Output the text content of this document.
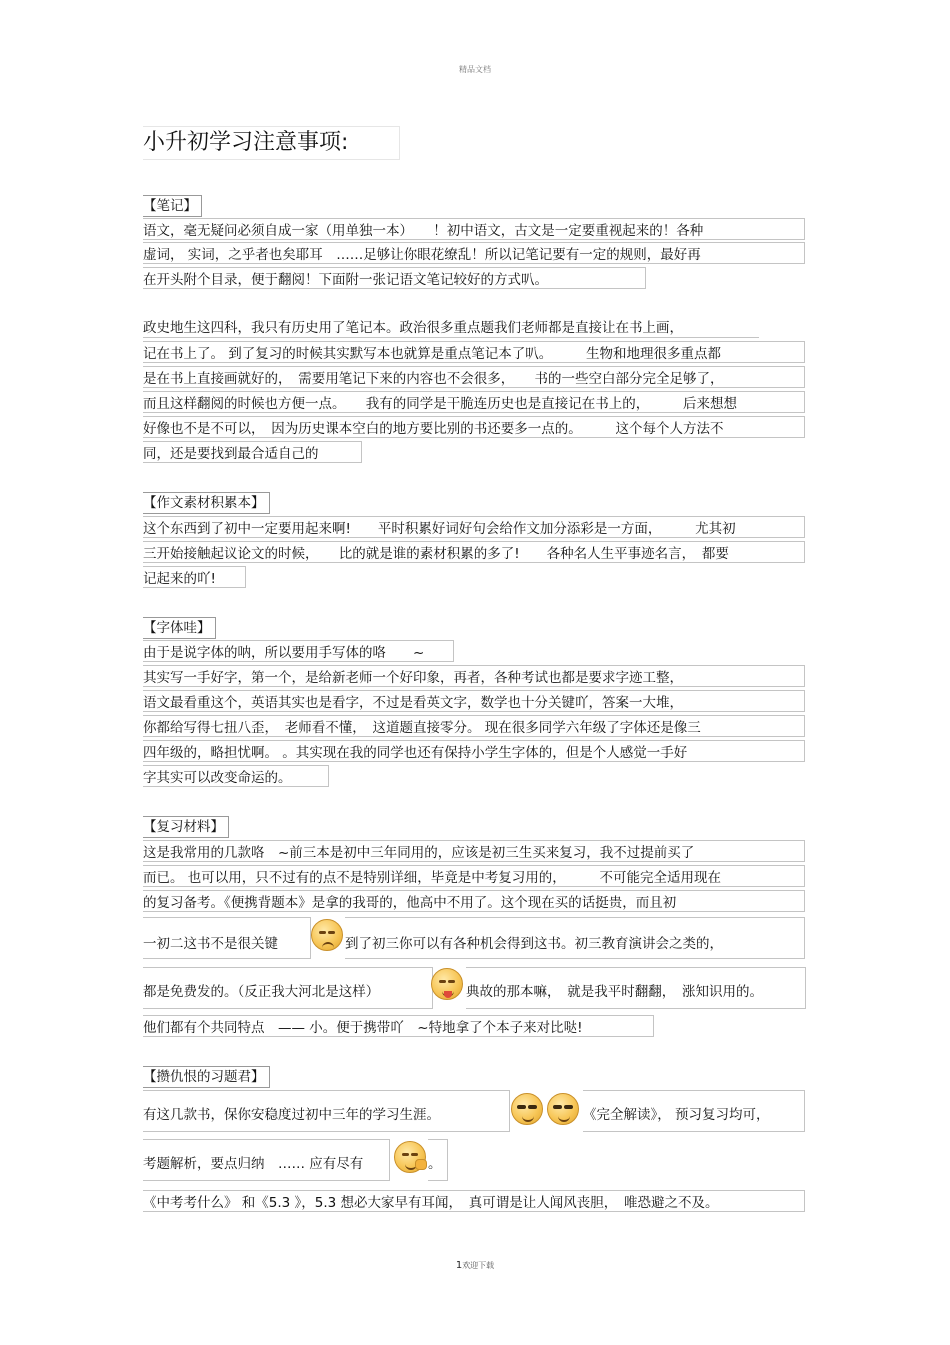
精品文档
小升初学习注意事项:
【笔记】
语文，毫无疑问必须自成一家（用单独一本）　　！初中语文，古文是一定要重视起来的！各种
虚词， 实词，之乎者也矣耶耳　……足够让你眼花缭乱！所以记笔记要有一定的规则，最好再
在开头附个目录，便于翻阅！下面附一张记语文笔记较好的方式叭。
政史地生这四科，我只有历史用了笔记本。政治很多重点题我们老师都是直接让在书上画，
记在书上了。 到了复习的时候其实默写本也就算是重点笔记本了叭。　　　生物和地理很多重点都
是在书上直接画就好的，　需要用笔记下来的内容也不会很多，　　书的一些空白部分完全足够了，
而且这样翻阅的时候也方便一点。　　我有的同学是干脆连历史也是直接记在书上的，　　　后来想想
好像也不是不可以，　因为历史课本空白的地方要比别的书还要多一点的。　　　这个每个人方法不
同，还是要找到最合适自己的
【作文素材积累本】
这个东西到了初中一定要用起来啊!　　平时积累好词好句会给作文加分添彩是一方面，　　　尤其初
三开始接触起议论文的时候，　　比的就是谁的素材积累的多了!　　各种名人生平事迹名言，　都要
记起来的吖!
【字体哇】
由于是说字体的呐，所以要用手写体的咯　　~
其实写一手好字，第一个，是给新老师一个好印象，再者，各种考试也都是要求字迹工整，
语文最看重这个，英语其实也是看字，不过是看英文字，数学也十分关键吖，答案一大堆，
你都给写得七扭八歪，　老师看不懂，　这道题直接零分。 现在很多同学六年级了字体还是像三
四年级的，略担忧啊。 。其实现在我的同学也还有保持小学生字体的，但是个人感觉一手好
字其实可以改变命运的。
【复习材料】
这是我常用的几款咯　~前三本是初中三年同用的，应该是初三生买来复习，我不过提前买了
而已。 也可以用，只不过有的点不是特别详细，毕竟是中考复习用的，　　　不可能完全适用现在
的复习备考。《便携背题本》是拿的我哥的，他高中不用了。这个现在买的话挺贵，而且初
一初二这书不是很关键	到了初三你可以有各种机会得到这书。初三教育演讲会之类的，
都是免费发的。（反正我大河北是这样）	典故的那本嘛，　就是我平时翻翻，　涨知识用的。
他们都有个共同特点　—— 小。便于携带吖　~特地拿了个本子来对比哒!
【攒仇恨的习题君】
有这几款书，保你安稳度过初中三年的学习生涯。	《完全解读》， 预习复习均可，
考题解析，要点归纳　…… 应有尽有	。
《中考考什么》 和《5.3 》，5.3 想必大家早有耳闻，　真可谓是让人闻风丧胆，　唯恐避之不及。
1欢迎下载
